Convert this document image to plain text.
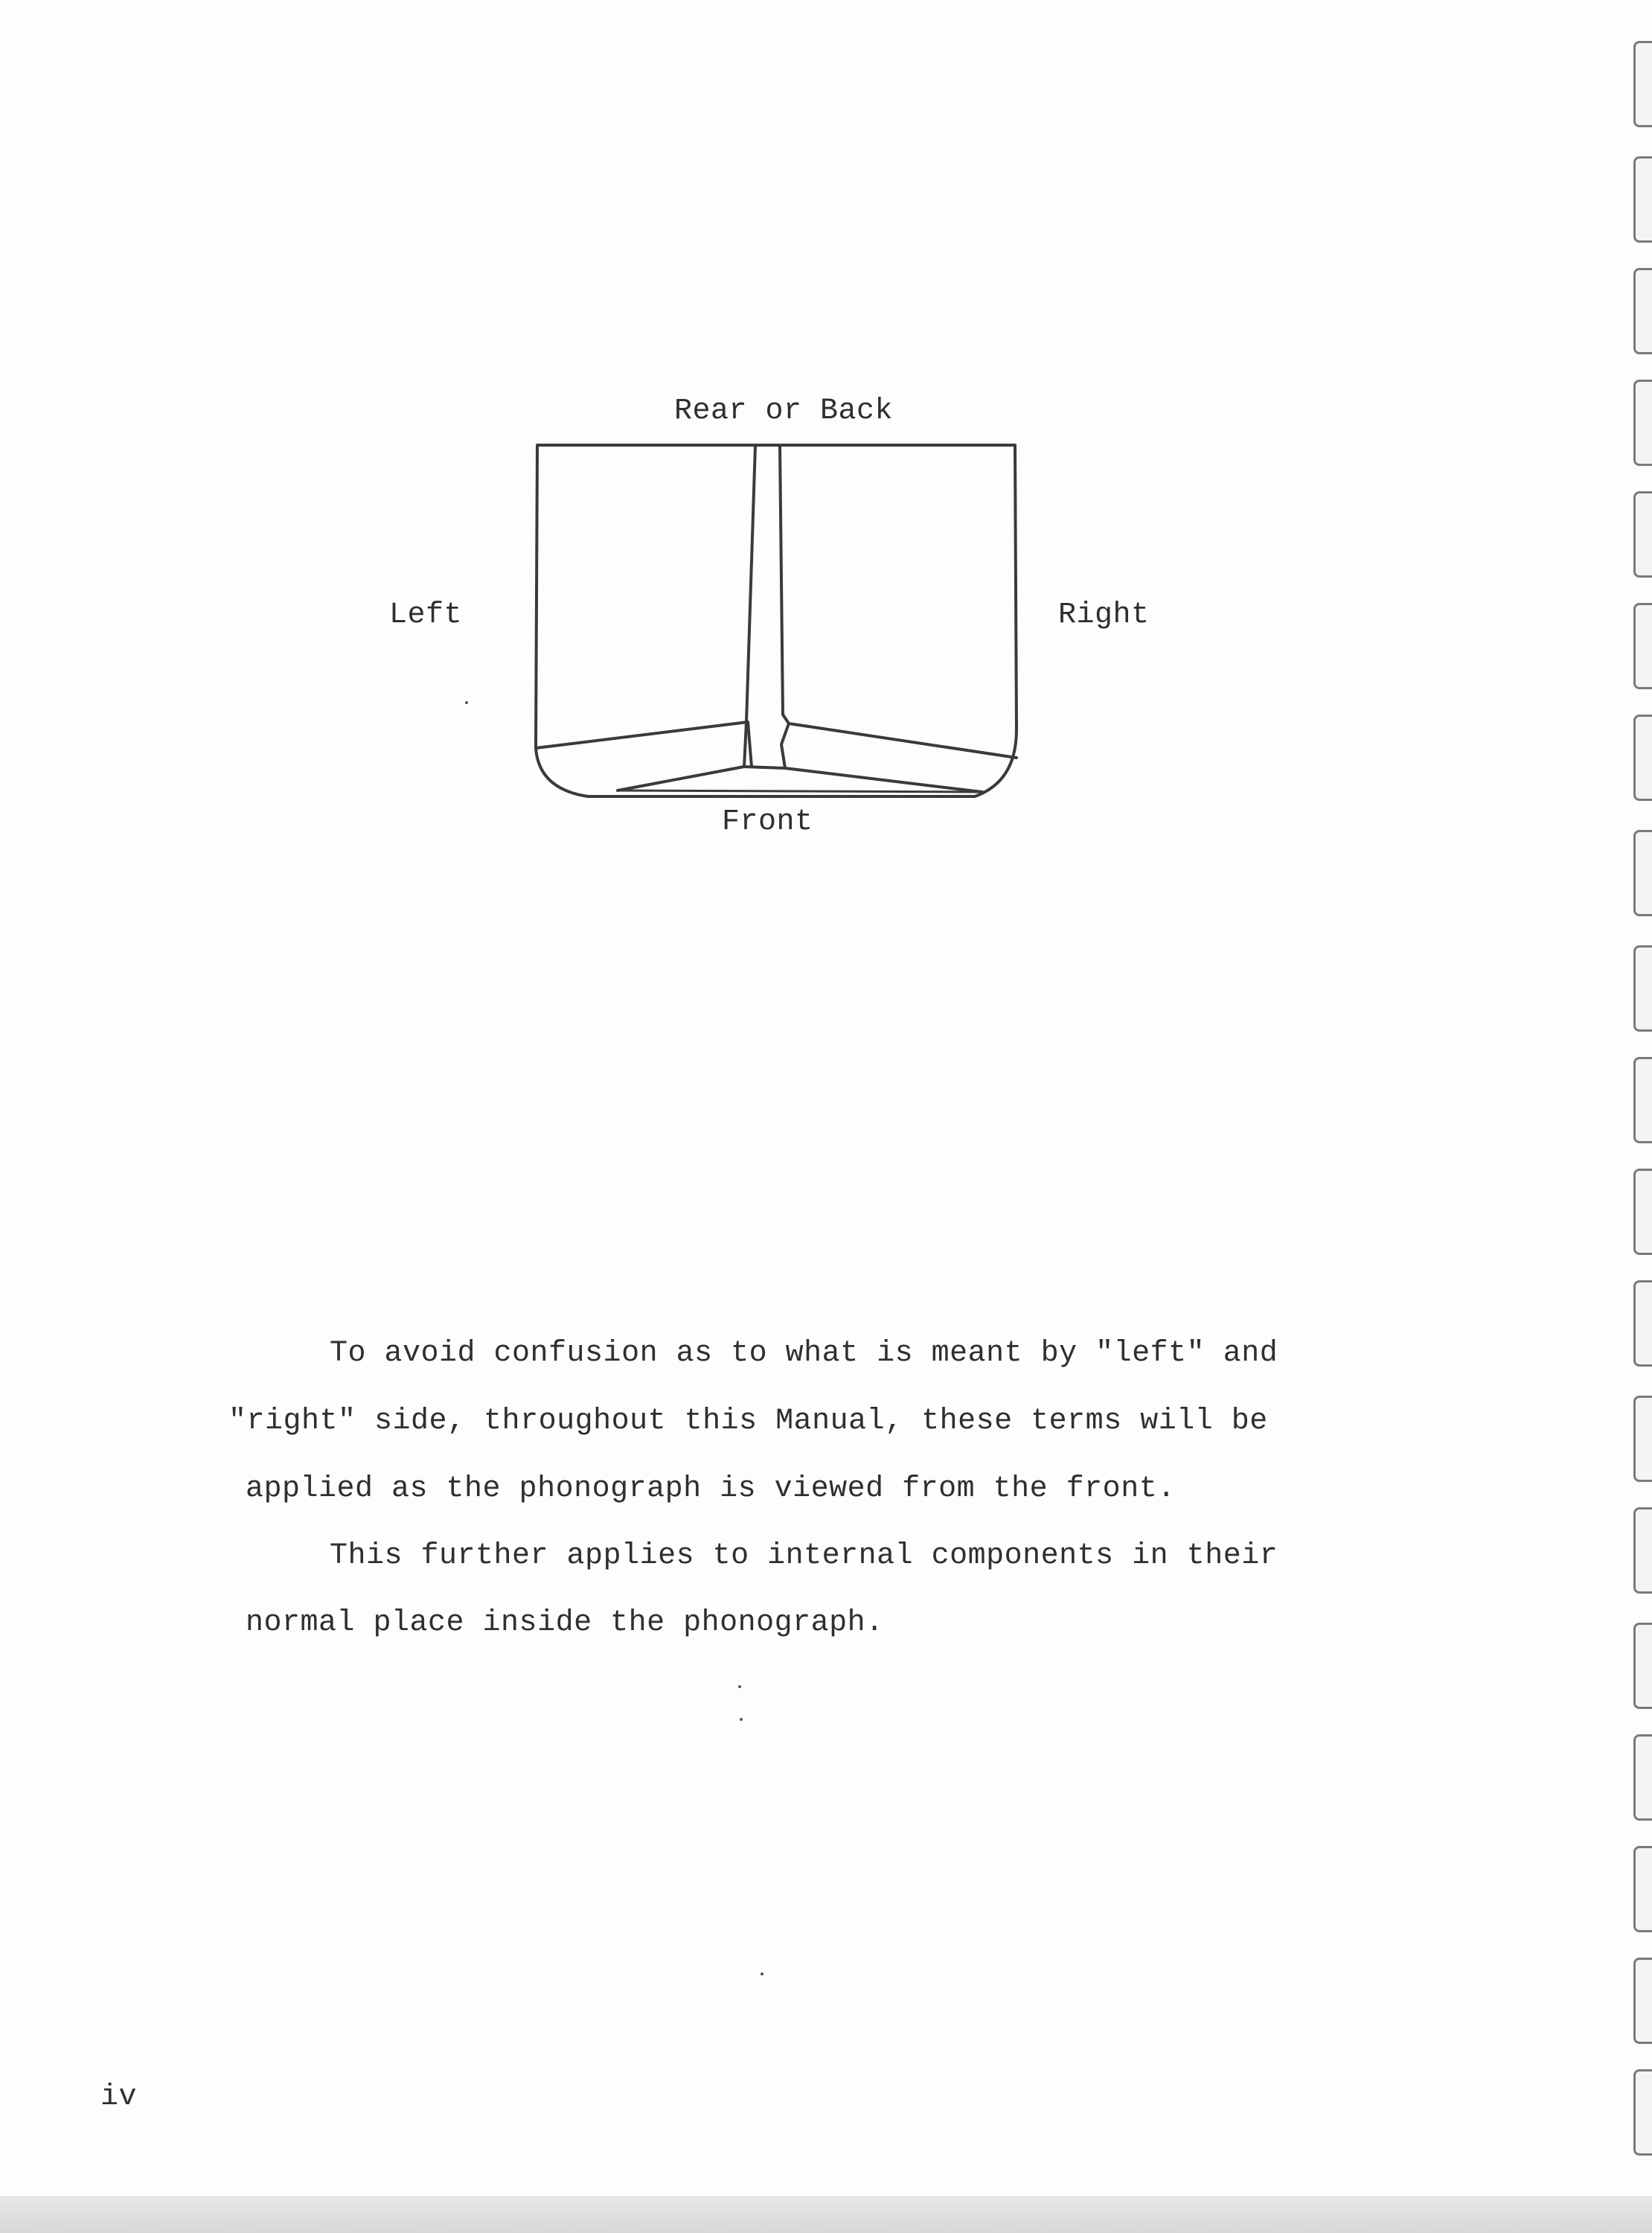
Rear or Back
Left	Right
Front
To avoid confusion as to what is meant by "left" and
"right" side, throughout this Manual, these terms will be
applied as the phonograph is viewed from the front.
This further applies to internal components in their
normal place inside the phonograph.
iv
